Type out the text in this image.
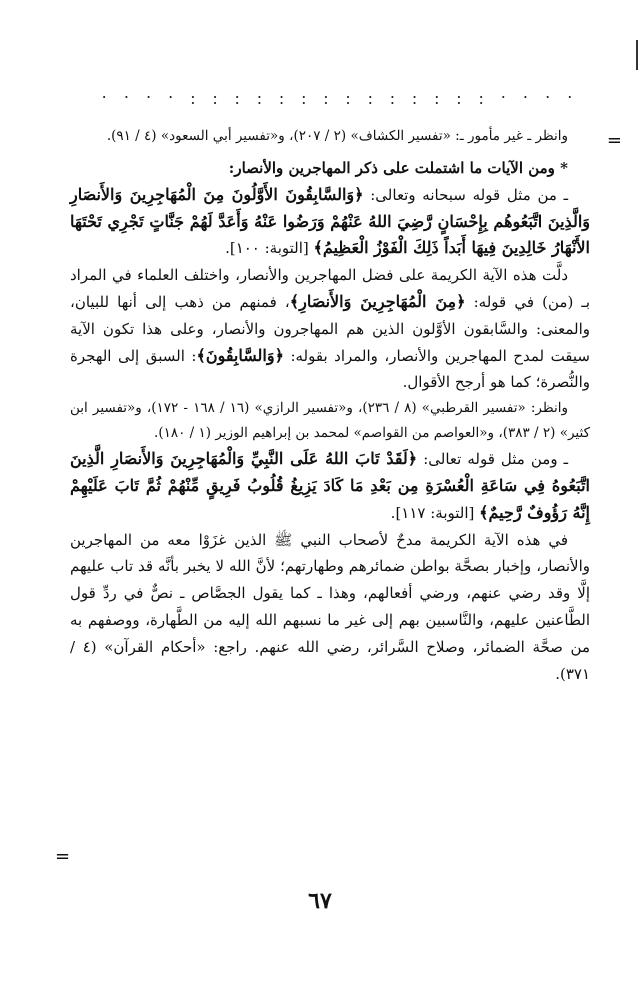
. . . . . . . . . . . . . . . . . . . . . . . . . . . . . . . . . . . .
=

وانظر ـ غير مأمور ـ: «تفسير الكشاف» (٢ / ٢٠٧)، و«تفسير أبي السعود» (٤ / ٩١).

* ومن الآيات ما اشتملت على ذكر المهاجرين والأنصار:

ـ من مثل قوله سبحانه وتعالى: ﴿وَالسَّابِقُونَ الأَوَّلُونَ مِنَ الْمُهَاجِرِينَ وَالأَنصَارِ وَالَّذِينَ اتَّبَعُوهُم بِإِحْسَانٍ رَّضِيَ اللهُ عَنْهُمْ وَرَضُوا عَنْهُ وَأَعَدَّ لَهُمْ جَنَّاتٍ تَجْرِي تَحْتَهَا الأَنْهَارُ خَالِدِينَ فِيهَا أَبَداً ذَلِكَ الْفَوْزُ الْعَظِيمُ﴾ [التوبة: ١٠٠].

دلَّت هذه الآية الكريمة على فضل المهاجرين والأنصار، واختلف العلماء في المراد بـ (من) في قوله: ﴿مِنَ الْمُهَاجِرِينَ وَالأَنصَارِ﴾، فمنهم من ذهب إلى أنها للبيان، والمعنى: والسَّابقون الأوَّلون الذين هم المهاجرون والأنصار، وعلى هذا تكون الآية سيقت لمدح المهاجرين والأنصار، والمراد بقوله: ﴿وَالسَّابِقُونَ﴾: السبق إلى الهجرة والنُّصرة؛ كما هو أرجح الأقوال.

وانظر: «تفسير القرطبي» (٨ / ٢٣٦)، و«تفسير الرازي» (١٦ / ١٦٨ - ١٧٢)، و«تفسير ابن كثير» (٢ / ٣٨٣)، و«العواصم من القواصم» لمحمد بن إبراهيم الوزير (١ / ١٨٠).

ـ ومن مثل قوله تعالى: ﴿لَقَدْ تَابَ اللهُ عَلَى النَّبِيِّ وَالْمُهَاجِرِينَ وَالأَنصَارِ الَّذِينَ اتَّبَعُوهُ فِي سَاعَةِ الْعُسْرَةِ مِن بَعْدِ مَا كَادَ يَزِيغُ قُلُوبُ فَرِيقٍ مِّنْهُمْ ثُمَّ تَابَ عَلَيْهِمْ إِنَّهُ رَؤُوفٌ رَّحِيمٌ﴾ [التوبة: ١١٧].

في هذه الآية الكريمة مدحٌ لأصحاب النبي ﷺ الذين غزَوْا معه من المهاجرين والأنصار، وإخبار بصحَّة بواطن ضمائرهم وطهارتهم؛ لأنَّ الله لا يخبر بأنَّه قد تاب عليهم إلَّا وقد رضي عنهم، ورضي أفعالهم، وهذا ـ كما يقول الجصَّاص ـ نصٌّ في ردِّ قول الطَّاعنين عليهم، والنَّاسبين بهم إلى غير ما نسبهم الله إليه من الطَّهارة، ووصفهم به من صحَّة الضمائر، وصلاح السَّرائر، رضي الله عنهم. راجع: «أحكام القرآن» (٤ / ٣٧١).

=
٦٧
